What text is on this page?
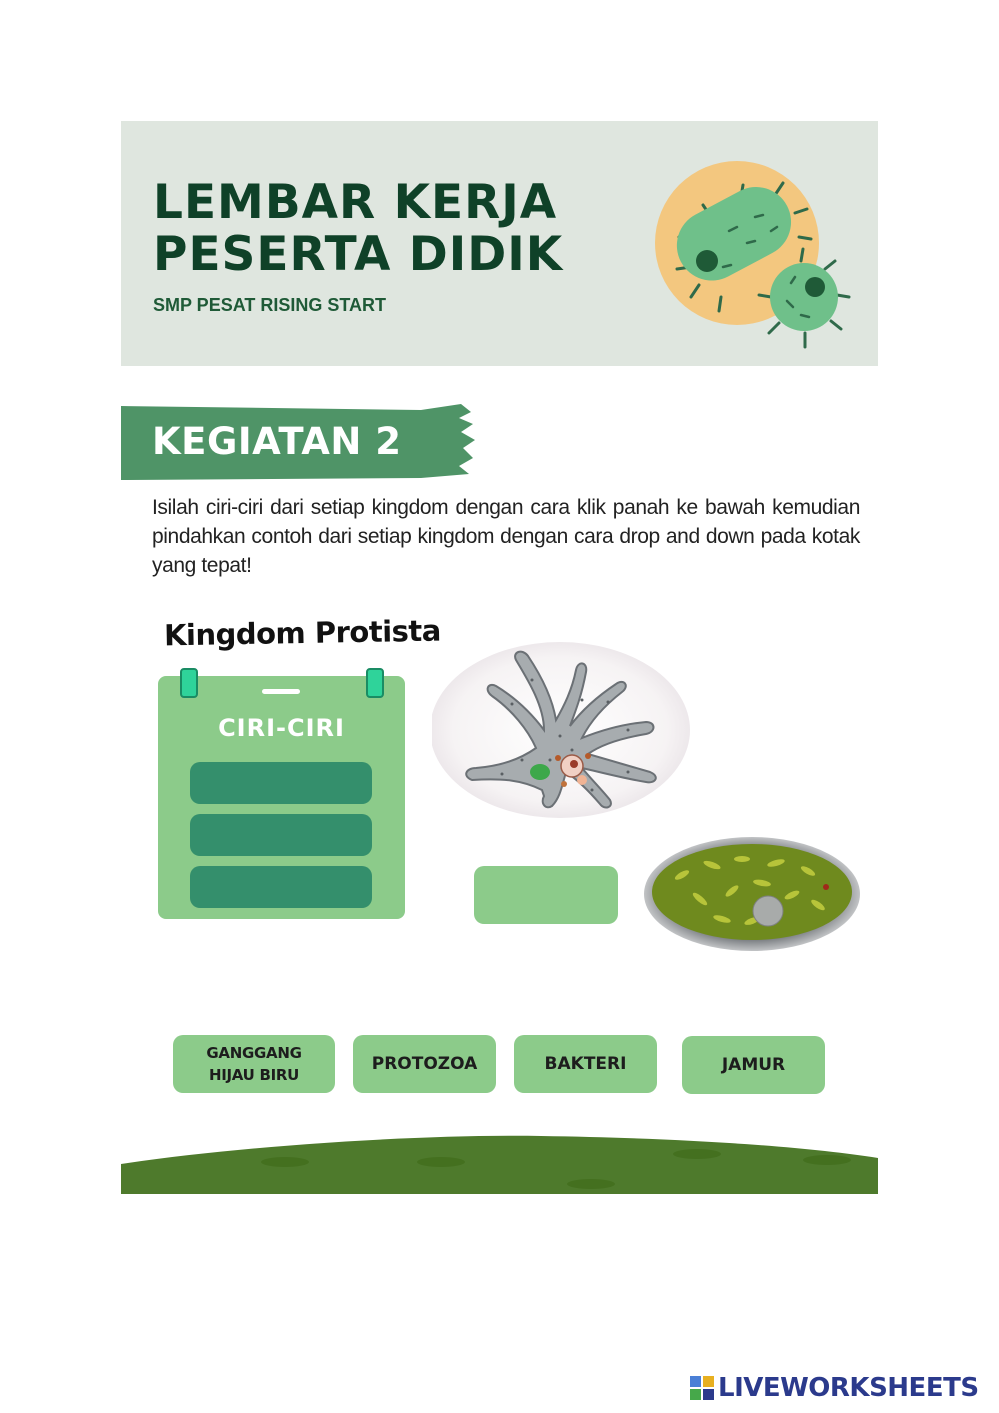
LEMBAR KERJA
PESERTA DIDIK
SMP PESAT RISING START
KEGIATAN 2
Isilah ciri-ciri dari setiap kingdom dengan cara klik panah ke bawah kemudian pindahkan contoh dari setiap kingdom dengan cara drop and down pada kotak yang tepat!
Kingdom Protista
CIRI-CIRI
GANGGANG
HIJAU BIRU
PROTOZOA	BAKTERI	JAMUR
LIVEWORKSHEETS
